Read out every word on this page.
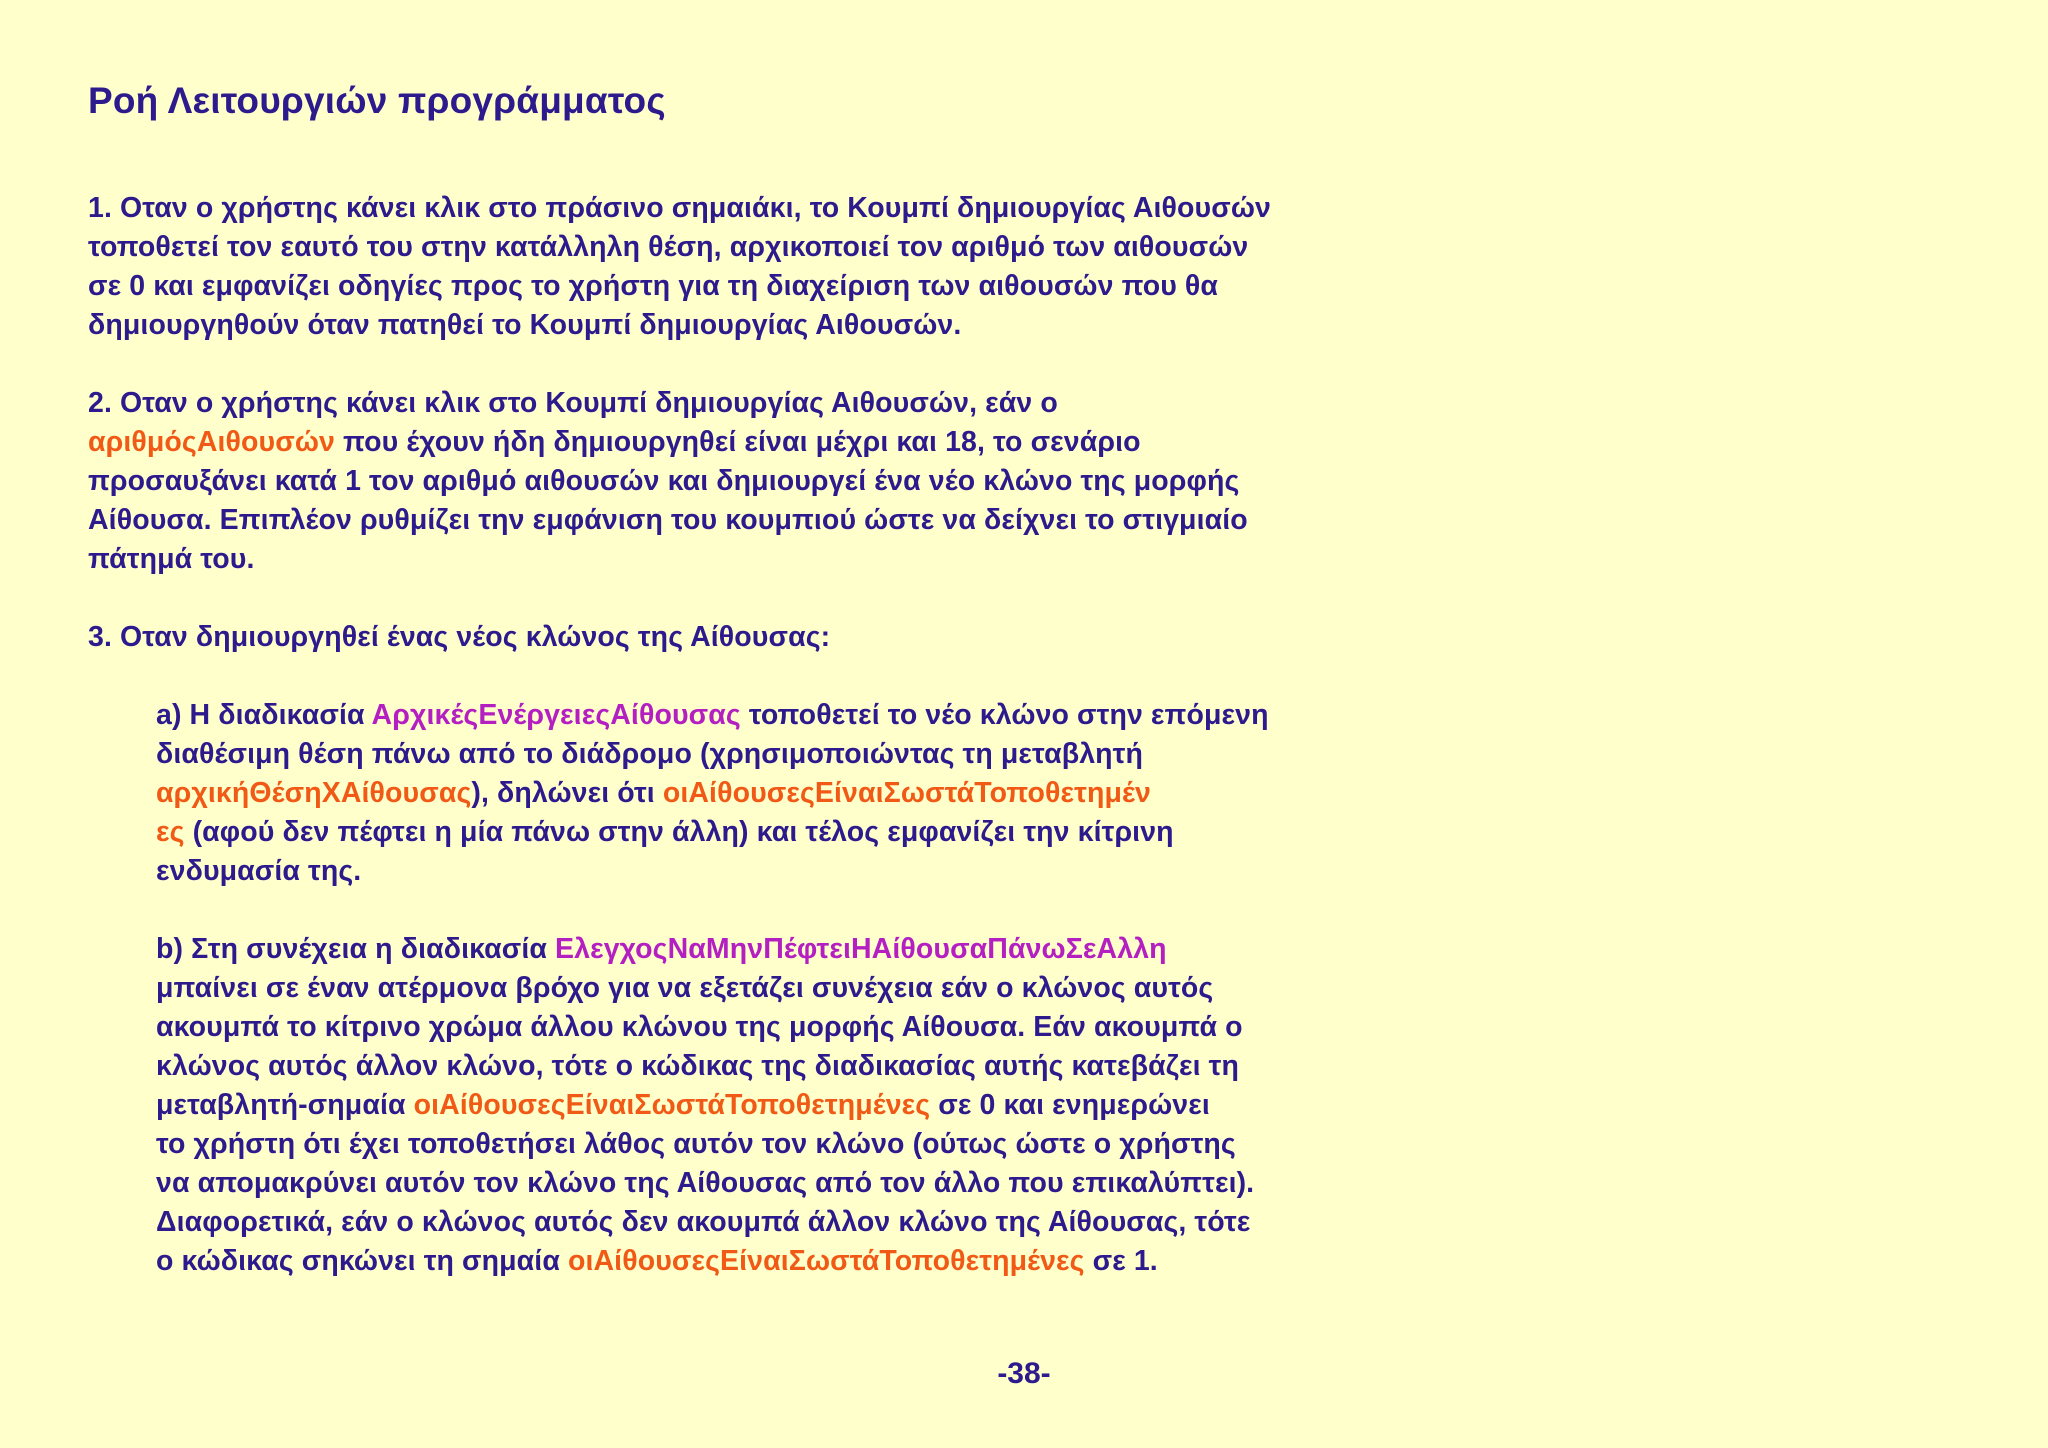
Ροή Λειτουργιών προγράμματος
1. Οταν ο χρήστης κάνει κλικ στο πράσινο σημαιάκι, το Κουμπί δημιουργίας Αιθουσών
τοποθετεί τον εαυτό του στην κατάλληλη θέση, αρχικοποιεί τον αριθμό των αιθουσών
σε 0 και εμφανίζει οδηγίες προς το χρήστη για τη διαχείριση των αιθουσών που θα
δημιουργηθούν όταν πατηθεί το Κουμπί δημιουργίας Αιθουσών.
2. Οταν ο χρήστης κάνει κλικ στο Κουμπί δημιουργίας Αιθουσών, εάν ο
αριθμόςΑιθουσών που έχουν ήδη δημιουργηθεί είναι μέχρι και 18, το σενάριο
προσαυξάνει κατά 1 τον αριθμό αιθουσών και δημιουργεί ένα νέο κλώνο της μορφής
Αίθουσα. Επιπλέον ρυθμίζει την εμφάνιση του κουμπιού ώστε να δείχνει το στιγμιαίο
πάτημά του.
3. Οταν δημιουργηθεί ένας νέος κλώνος της Αίθουσας:
a) Η διαδικασία ΑρχικέςΕνέργειεςΑίθουσας τοποθετεί το νέο κλώνο στην επόμενη
διαθέσιμη θέση πάνω από το διάδρομο (χρησιμοποιώντας τη μεταβλητή
αρχικήΘέσηΧΑίθουσας), δηλώνει ότι οιΑίθουσεςΕίναιΣωστάΤοποθετημέν
ες (αφού δεν πέφτει η μία πάνω στην άλλη) και τέλος εμφανίζει την κίτρινη
ενδυμασία της.
b) Στη συνέχεια η διαδικασία ΕλεγχοςΝαΜηνΠέφτειΗΑίθουσαΠάνωΣεΑλλη
μπαίνει σε έναν ατέρμονα βρόχο για να εξετάζει συνέχεια εάν ο κλώνος αυτός
ακουμπά το κίτρινο χρώμα άλλου κλώνου της μορφής Αίθουσα. Εάν ακουμπά ο
κλώνος αυτός άλλον κλώνο, τότε ο κώδικας της διαδικασίας αυτής κατεβάζει τη
μεταβλητή-σημαία οιΑίθουσεςΕίναιΣωστάΤοποθετημένες σε 0 και ενημερώνει
το χρήστη ότι έχει τοποθετήσει λάθος αυτόν τον κλώνο (ούτως ώστε ο χρήστης
να απομακρύνει αυτόν τον κλώνο της Αίθουσας από τον άλλο που επικαλύπτει).
Διαφορετικά, εάν ο κλώνος αυτός δεν ακουμπά άλλον κλώνο της Αίθουσας, τότε
ο κώδικας σηκώνει τη σημαία οιΑίθουσεςΕίναιΣωστάΤοποθετημένες σε 1.
-38-
